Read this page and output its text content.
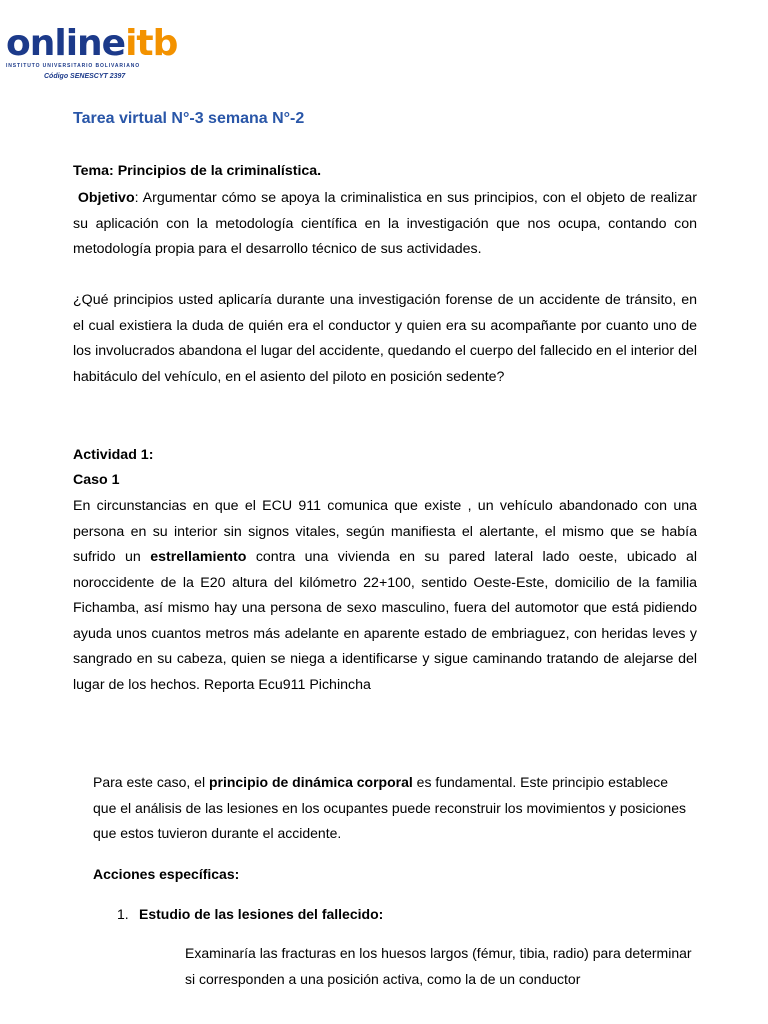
onlineitb
INSTITUTO UNIVERSITARIO BOLIVARIANO
Código SENESCYT 2397
Tarea virtual N°-3 semana N°-2

Tema: Principios de la criminalística.

Objetivo: Argumentar cómo se apoya la criminalistica en sus principios, con el objeto de realizar su aplicación con la metodología científica en la investigación que nos ocupa, contando con metodología propia para el desarrollo técnico de sus actividades.

¿Qué principios usted aplicaría durante una investigación forense de un accidente de tránsito, en el cual existiera la duda de quién era el conductor y quien era su acompañante por cuanto uno de los involucrados abandona el lugar del accidente, quedando el cuerpo del fallecido en el interior del habitáculo del vehículo, en el asiento del piloto en posición sedente?

Actividad 1:

Caso 1

En circunstancias en que el ECU 911 comunica que existe , un vehículo abandonado con una persona en su interior sin signos vitales, según manifiesta el alertante, el mismo que se había sufrido un estrellamiento contra una vivienda en su pared lateral lado oeste, ubicado al noroccidente de la E20 altura del kilómetro 22+100, sentido Oeste-Este, domicilio de la familia Fichamba, así mismo hay una persona de sexo masculino, fuera del automotor que está pidiendo ayuda unos cuantos metros más adelante en aparente estado de embriaguez, con heridas leves y sangrado en su cabeza, quien se niega a identificarse y sigue caminando tratando de alejarse del lugar de los hechos. Reporta Ecu911 Pichincha

Para este caso, el principio de dinámica corporal es fundamental. Este principio establece que el análisis de las lesiones en los ocupantes puede reconstruir los movimientos y posiciones que estos tuvieron durante el accidente.

Acciones específicas:

1. Estudio de las lesiones del fallecido:

Examinaría las fracturas en los huesos largos (fémur, tibia, radio) para determinar si corresponden a una posición activa, como la de un conductor
